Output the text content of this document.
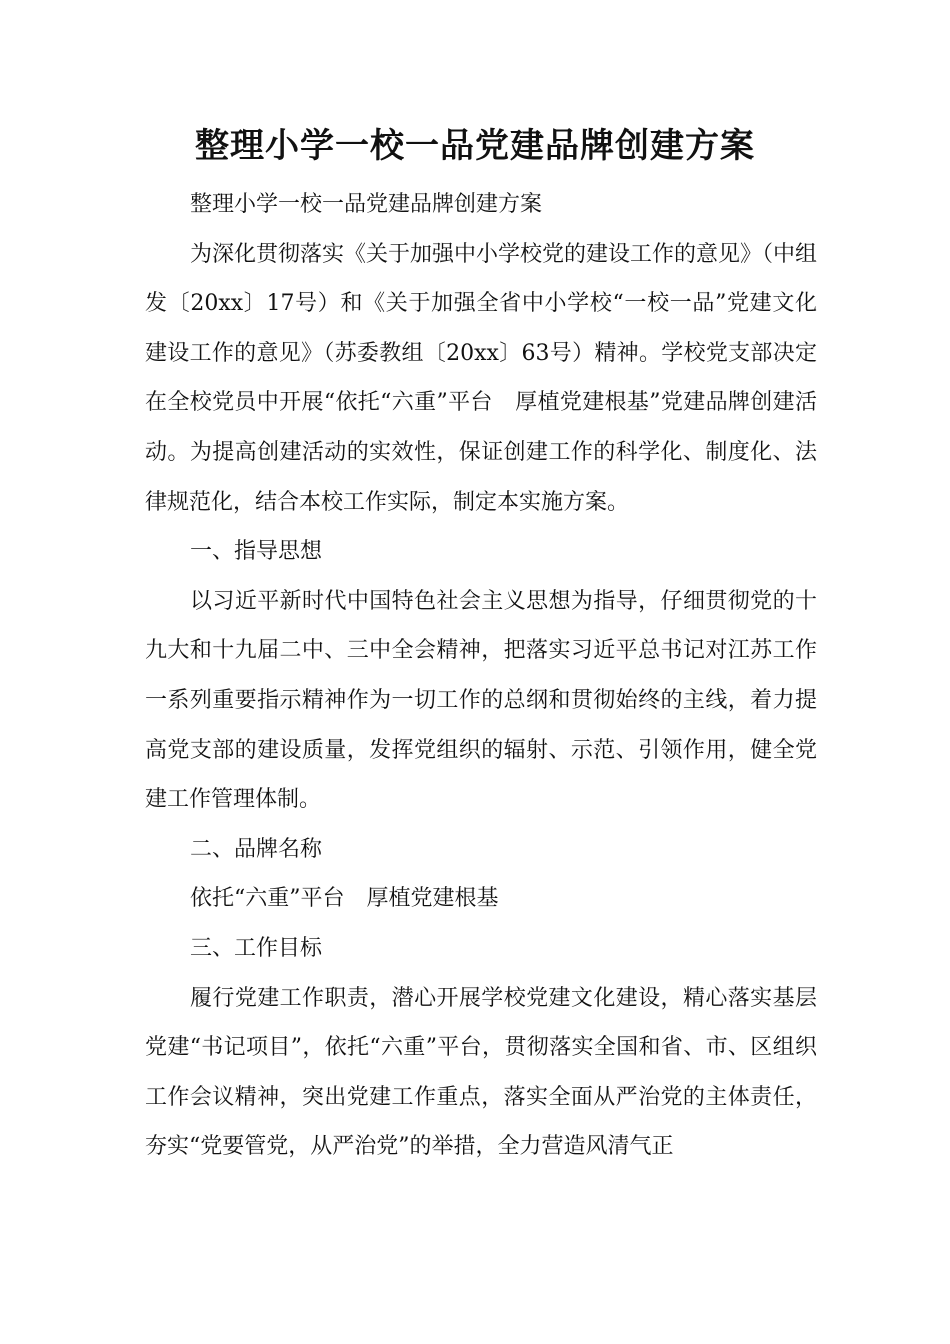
整理小学一校一品党建品牌创建方案

整理小学一校一品党建品牌创建方案

为深化贯彻落实《关于加强中小学校党的建设工作的意见》（中组发〔20xx〕17号）和《关于加强全省中小学校“一校一品”党建文化建设工作的意见》（苏委教组〔20xx〕63号）精神。学校党支部决定在全校党员中开展“依托“六重”平台　厚植党建根基”党建品牌创建活动。为提高创建活动的实效性，保证创建工作的科学化、制度化、法律规范化，结合本校工作实际，制定本实施方案。

一、指导思想

以习近平新时代中国特色社会主义思想为指导，仔细贯彻党的十九大和十九届二中、三中全会精神，把落实习近平总书记对江苏工作一系列重要指示精神作为一切工作的总纲和贯彻始终的主线，着力提高党支部的建设质量，发挥党组织的辐射、示范、引领作用，健全党建工作管理体制。

二、品牌名称

依托“六重”平台　厚植党建根基

三、工作目标

履行党建工作职责，潜心开展学校党建文化建设，精心落实基层党建“书记项目”，依托“六重”平台，贯彻落实全国和省、市、区组织工作会议精神，突出党建工作重点，落实全面从严治党的主体责任，夯实“党要管党，从严治党”的举措，全力营造风清气正
